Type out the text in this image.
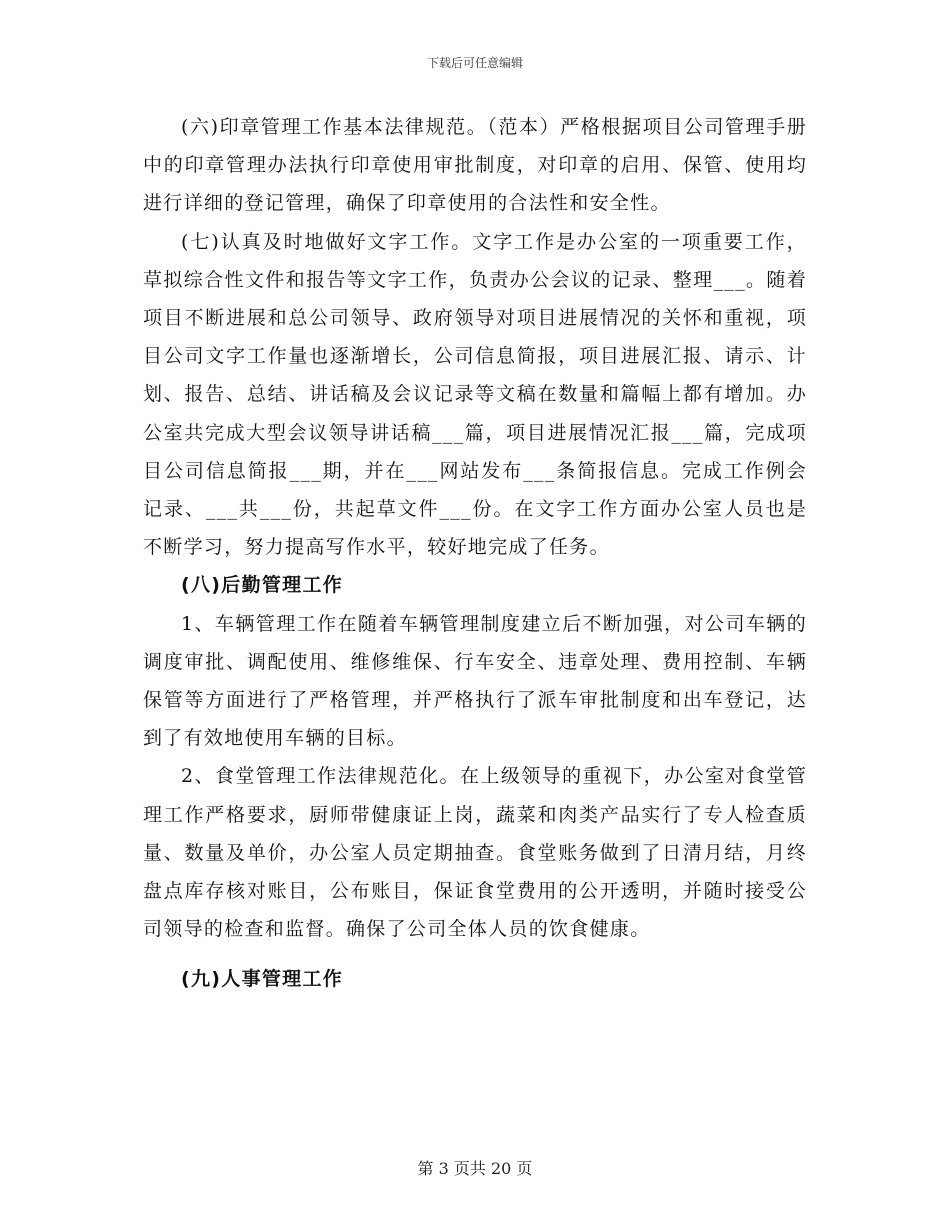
下载后可任意编辑

(六)印章管理工作基本法律规范。（范本）严格根据项目公司管理手册中的印章管理办法执行印章使用审批制度，对印章的启用、保管、使用均进行详细的登记管理，确保了印章使用的合法性和安全性。

(七)认真及时地做好文字工作。文字工作是办公室的一项重要工作，草拟综合性文件和报告等文字工作，负责办公会议的记录、整理___。随着项目不断进展和总公司领导、政府领导对项目进展情况的关怀和重视，项目公司文字工作量也逐渐增长，公司信息简报，项目进展汇报、请示、计划、报告、总结、讲话稿及会议记录等文稿在数量和篇幅上都有增加。办公室共完成大型会议领导讲话稿___篇，项目进展情况汇报___篇，完成项目公司信息简报___期，并在___网站发布___条简报信息。完成工作例会记录、___共___份，共起草文件___份。在文字工作方面办公室人员也是不断学习，努力提高写作水平，较好地完成了任务。

(八)后勤管理工作

1、车辆管理工作在随着车辆管理制度建立后不断加强，对公司车辆的调度审批、调配使用、维修维保、行车安全、违章处理、费用控制、车辆保管等方面进行了严格管理，并严格执行了派车审批制度和出车登记，达到了有效地使用车辆的目标。

2、食堂管理工作法律规范化。在上级领导的重视下，办公室对食堂管理工作严格要求，厨师带健康证上岗，蔬菜和肉类产品实行了专人检查质量、数量及单价，办公室人员定期抽查。食堂账务做到了日清月结，月终盘点库存核对账目，公布账目，保证食堂费用的公开透明，并随时接受公司领导的检查和监督。确保了公司全体人员的饮食健康。

(九)人事管理工作

第 3 页共 20 页
